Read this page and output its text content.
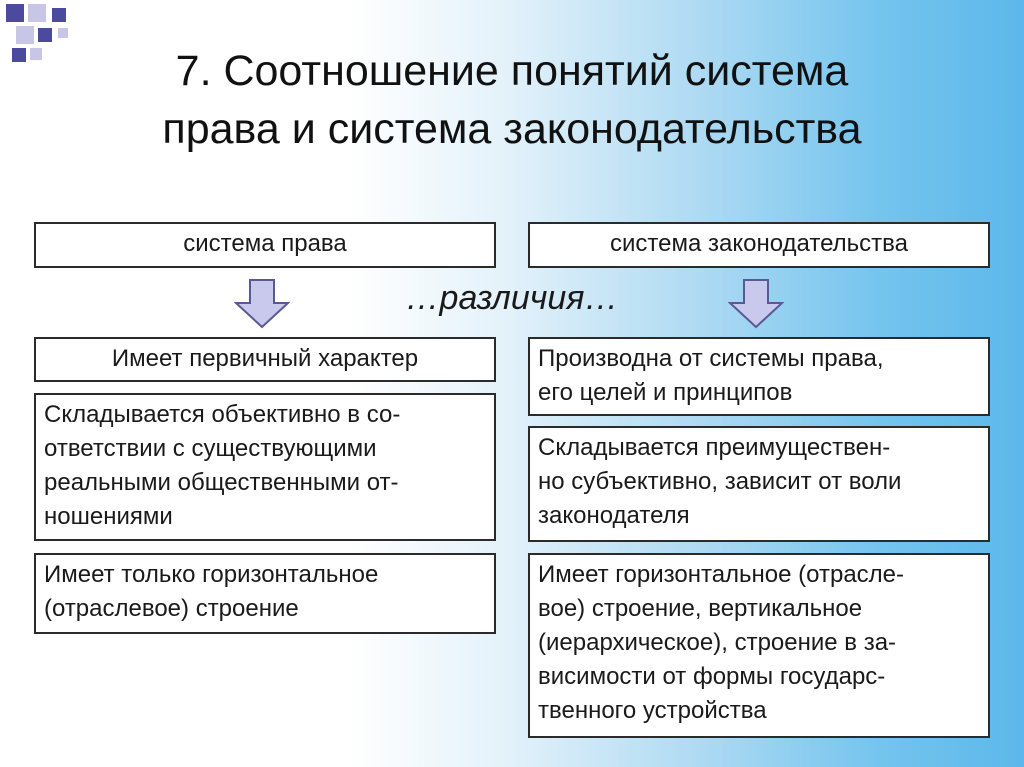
7. Соотношение понятий система
права и система законодательства
система права	система законодательства
…различия…
Имеет первичный характер
Складывается объективно в со-
ответствии с существующими
реальными общественными от-
ношениями
Имеет только горизонтальное
(отраслевое) строение
Производна от системы права,
его целей и принципов
Складывается преимуществен-
но субъективно, зависит от воли
законодателя
Имеет горизонтальное (отрасле-
вое) строение, вертикальное
(иерархическое), строение в за-
висимости от формы государс-
твенного устройства
